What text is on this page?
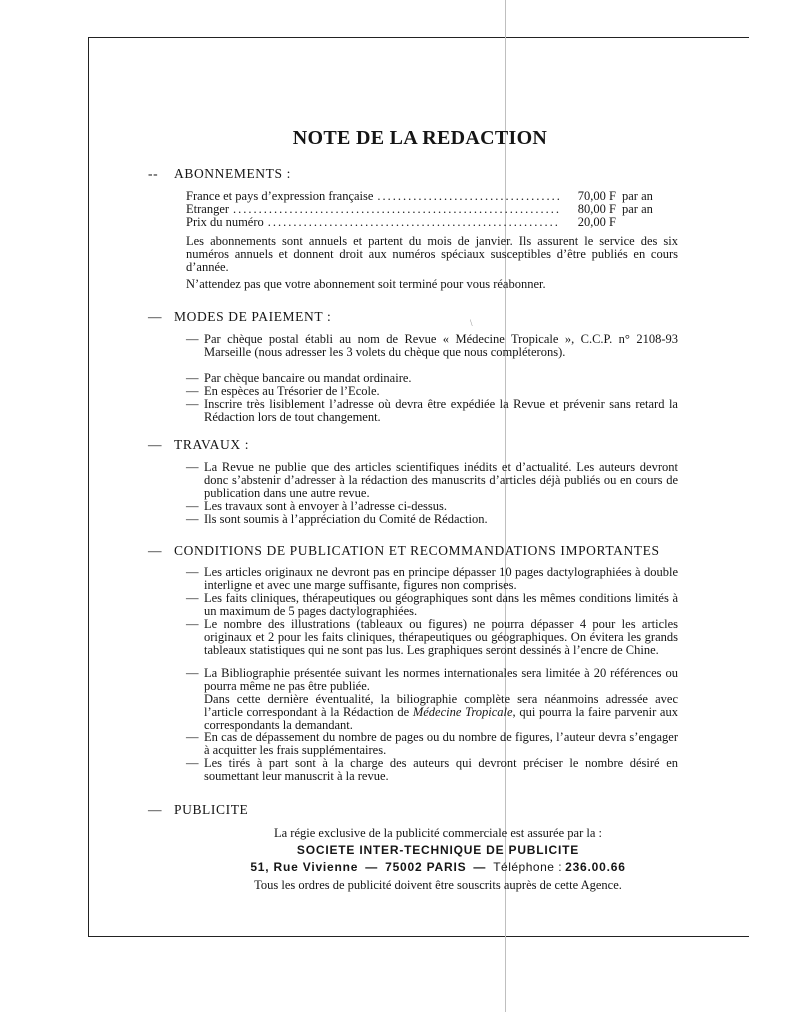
NOTE DE LA REDACTION

-- ABONNEMENTS :

France et pays d’expression française .....	70,00 F par an
Etranger .....	80,00 F par an
Prix du numéro .....	20,00 F

Les abonnements sont annuels et partent du mois de janvier. Ils assurent le service des six numéros annuels et donnent droit aux numéros spéciaux susceptibles d’être publiés en cours d’année.

N’attendez pas que votre abonnement soit terminé pour vous réabonner.

\

— MODES DE PAIEMENT :

— Par chèque postal établi au nom de Revue « Médecine Tropicale », C.C.P. n° 2108-93 Marseille (nous adresser les 3 volets du chèque que nous compléterons).
— Par chèque bancaire ou mandat ordinaire.
— En espèces au Trésorier de l’Ecole.
— Inscrire très lisiblement l’adresse où devra être expédiée la Revue et prévenir sans retard la Rédaction lors de tout changement.

— TRAVAUX :

— La Revue ne publie que des articles scientifiques inédits et d’actualité. Les auteurs devront donc s’abstenir d’adresser à la rédaction des manuscrits d’articles déjà publiés ou en cours de publication dans une autre revue.
— Les travaux sont à envoyer à l’adresse ci-dessus.
— Ils sont soumis à l’appréciation du Comité de Rédaction.

— CONDITIONS DE PUBLICATION ET RECOMMANDATIONS IMPORTANTES

— Les articles originaux ne devront pas en principe dépasser 10 pages dactylographiées à double interligne et avec une marge suffisante, figures non comprises.
— Les faits cliniques, thérapeutiques ou géographiques sont dans les mêmes conditions limités à un maximum de 5 pages dactylographiées.
— Le nombre des illustrations (tableaux ou figures) ne pourra dépasser 4 pour les articles originaux et 2 pour les faits cliniques, thérapeutiques ou géographiques. On évitera les grands tableaux statistiques qui ne sont pas lus. Les graphiques seront dessinés à l’encre de Chine.
— La Bibliographie présentée suivant les normes internationales sera limitée à 20 références ou pourra même ne pas être publiée.

Dans cette dernière éventualité, la biliographie complète sera néanmoins adressée avec l’article correspondant à la Rédaction de Médecine Tropicale, qui pourra la faire parvenir aux correspondants la demandant.

— En cas de dépassement du nombre de pages ou du nombre de figures, l’auteur devra s’engager à acquitter les frais supplémentaires.
— Les tirés à part sont à la charge des auteurs qui devront préciser le nombre désiré en soumettant leur manuscrit à la revue.

— PUBLICITE

La régie exclusive de la publicité commerciale est assurée par la :

SOCIETE INTER-TECHNIQUE DE PUBLICITE

51, Rue Vivienne — 75002 PARIS — Téléphone : 236.00.66

Tous les ordres de publicité doivent être souscrits auprès de cette Agence.
